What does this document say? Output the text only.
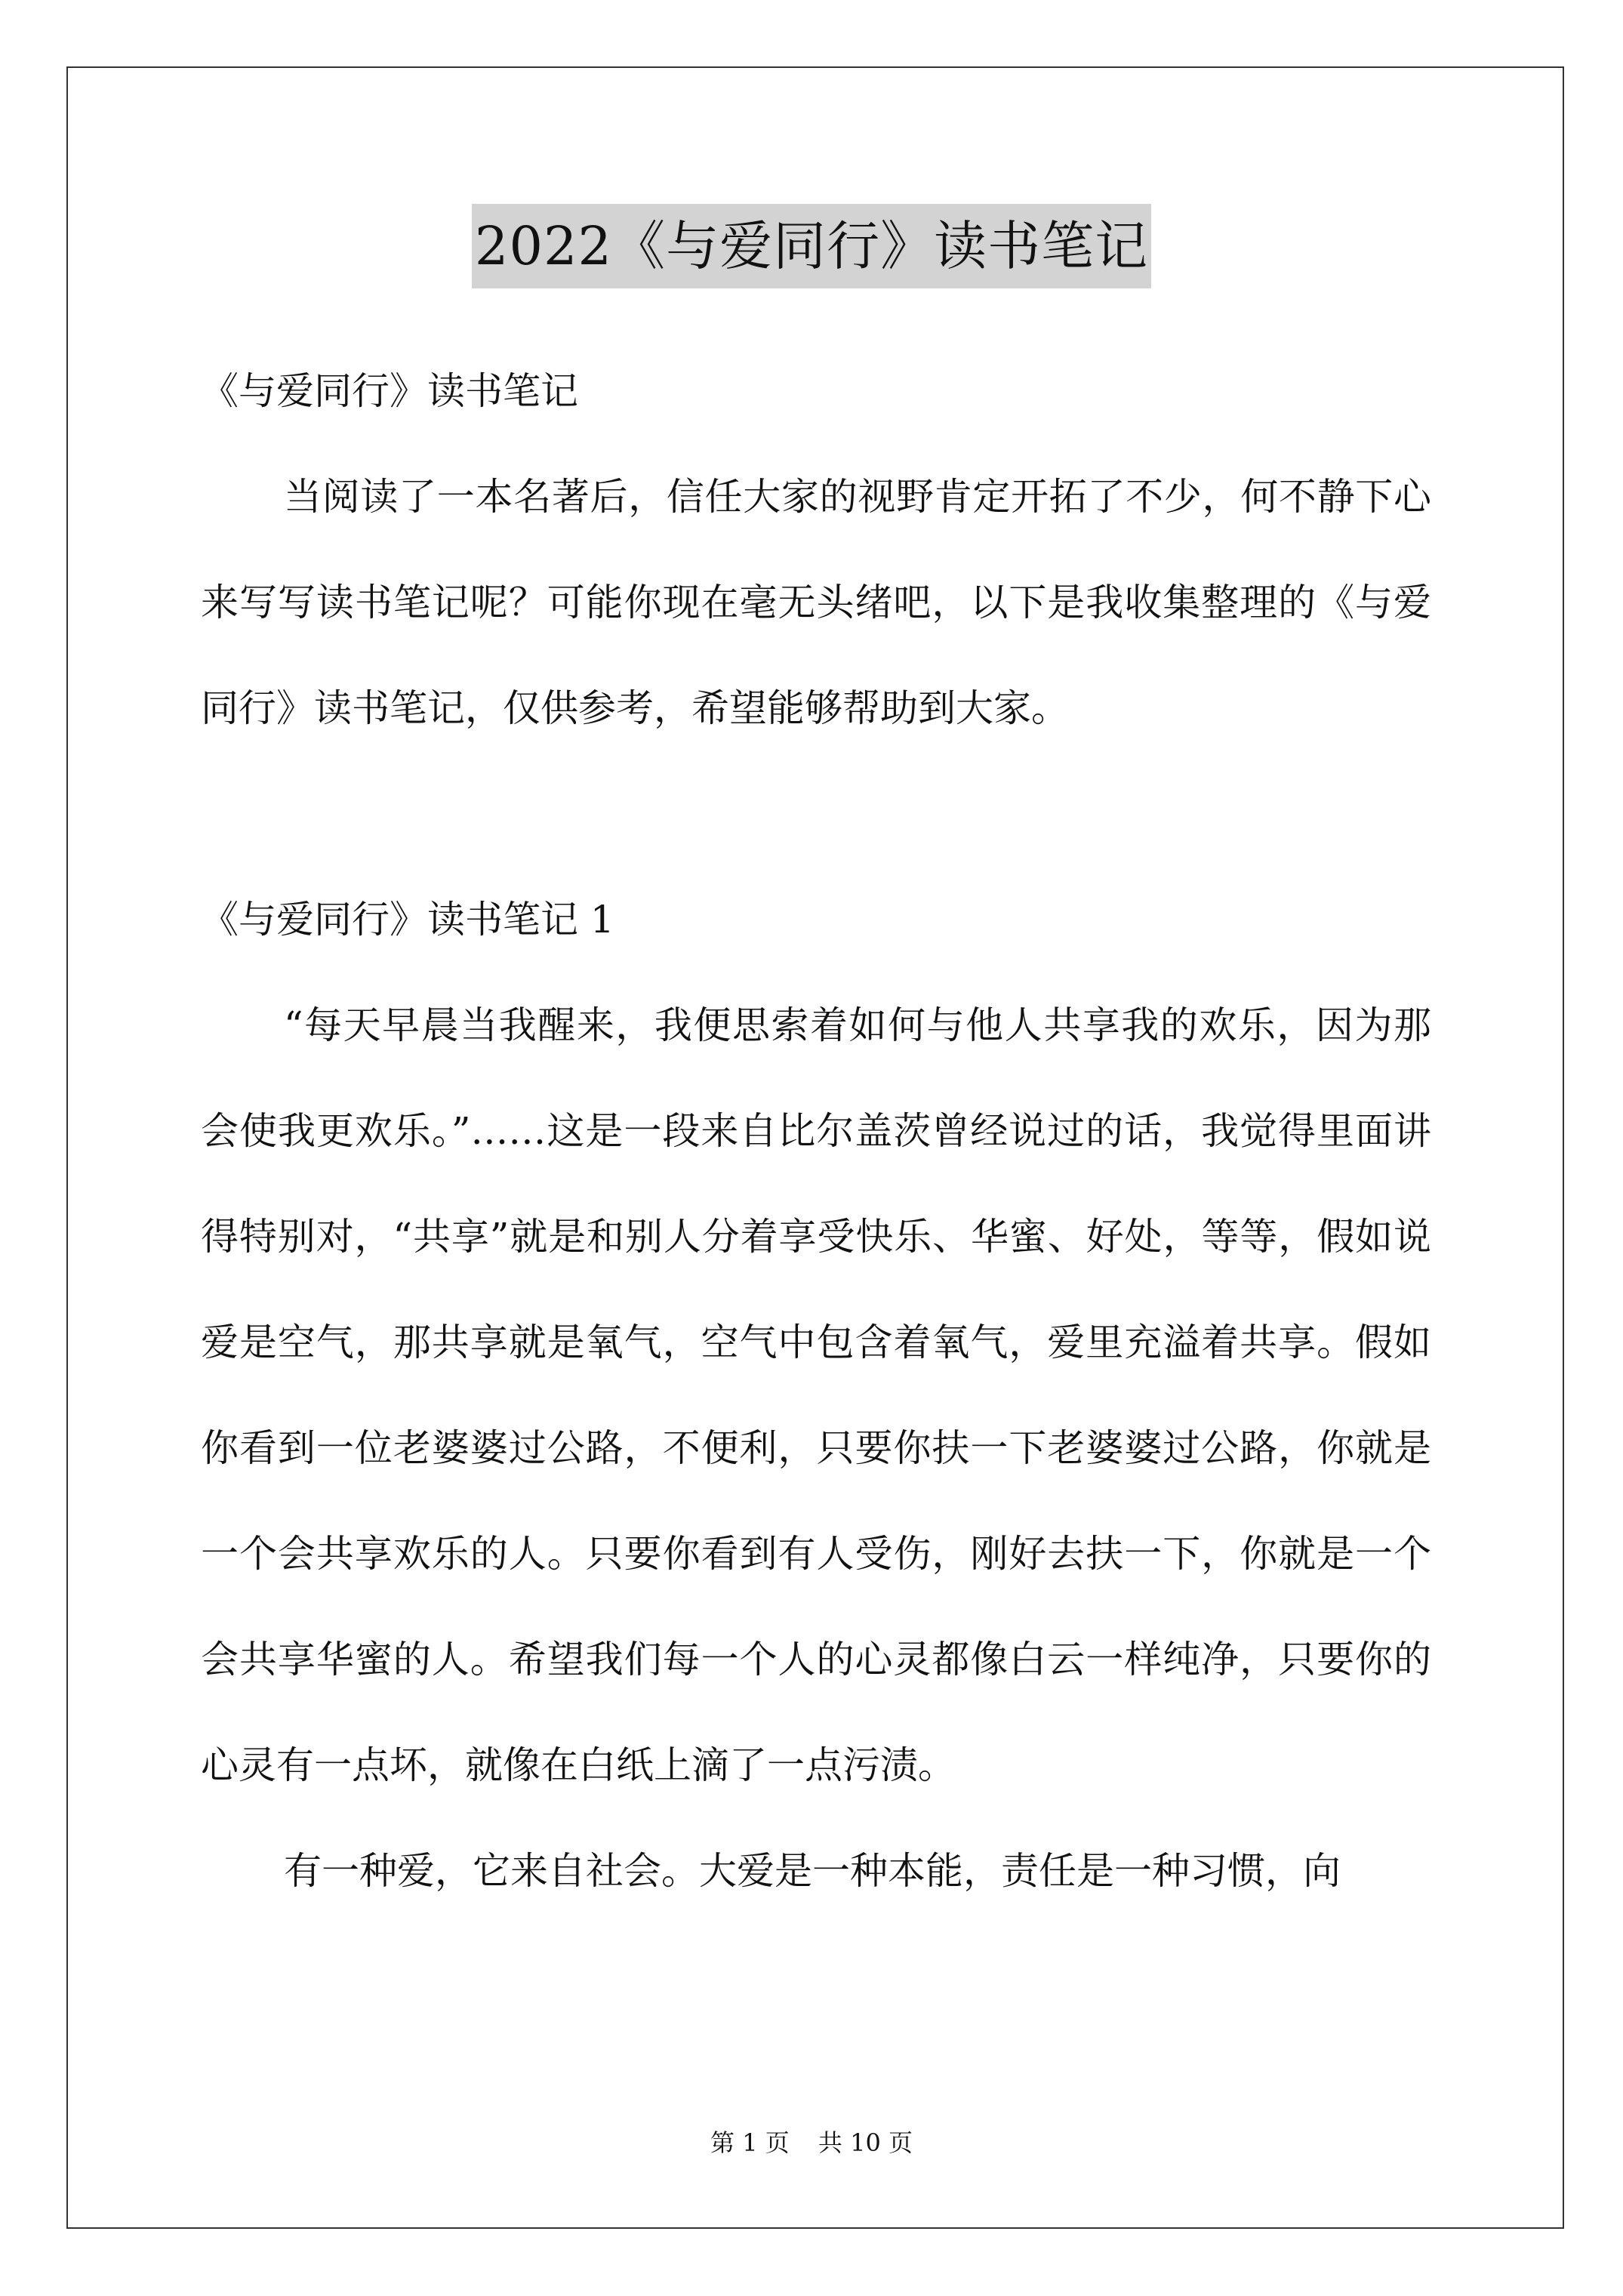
2022《与爱同行》读书笔记

《与爱同行》读书笔记

当阅读了一本名著后，信任大家的视野肯定开拓了不少，何不静下心来写写读书笔记呢？可能你现在毫无头绪吧，以下是我收集整理的《与爱同行》读书笔记，仅供参考，希望能够帮助到大家。

《与爱同行》读书笔记 1

“每天早晨当我醒来，我便思索着如何与他人共享我的欢乐，因为那会使我更欢乐。”……这是一段来自比尔盖茨曾经说过的话，我觉得里面讲得特别对，“共享”就是和别人分着享受快乐、华蜜、好处，等等，假如说爱是空气，那共享就是氧气，空气中包含着氧气，爱里充溢着共享。假如你看到一位老婆婆过公路，不便利，只要你扶一下老婆婆过公路，你就是一个会共享欢乐的人。只要你看到有人受伤，刚好去扶一下，你就是一个会共享华蜜的人。希望我们每一个人的心灵都像白云一样纯净，只要你的心灵有一点坏，就像在白纸上滴了一点污渍。

有一种爱，它来自社会。大爱是一种本能，责任是一种习惯，向

第 1 页 共 10 页
